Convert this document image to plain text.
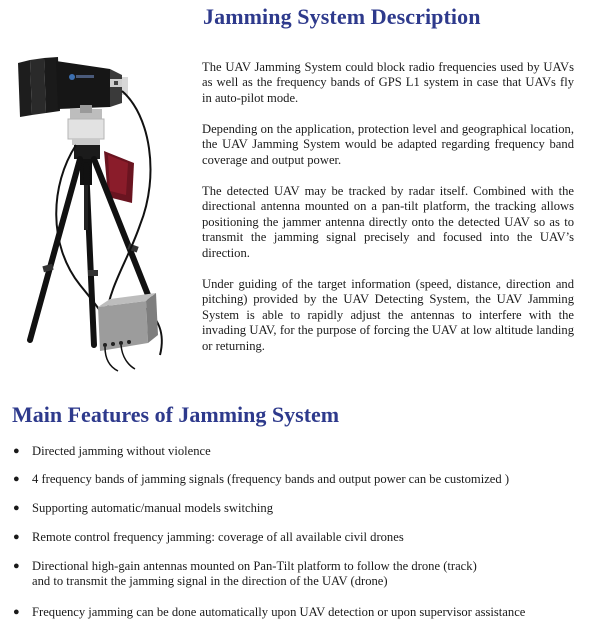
Jamming System Description

The UAV Jamming System could block radio frequencies used by UAVs as well as the frequency bands of GPS L1 system in case that UAVs fly in auto-pilot mode.

Depending on the application, protection level and geographical location, the UAV Jamming System would be adapted regarding frequency band coverage and output power.

The detected UAV may be tracked by radar itself. Combined with the directional antenna mounted on a pan-tilt platform, the tracking allows positioning the jammer antenna directly onto the detected UAV so as to transmit the jamming signal precisely and focused into the UAV’s direction.

Under guiding of the target information (speed, distance, direction and pitching) provided by the UAV Detecting System, the UAV Jamming System is able to rapidly adjust the antennas to interfere with the invading UAV, for the purpose of forcing the UAV at low altitude landing or returning.

Main Features of Jamming System
● Directed jamming without violence
● 4 frequency bands of jamming signals (frequency bands and output power can be customized )
● Supporting automatic/manual models switching
● Remote control frequency jamming: coverage of all available civil drones
● Directional high-gain antennas mounted on Pan-Tilt platform to follow the drone (track)
and to transmit the jamming signal in the direction of the UAV (drone)
● Frequency jamming can be done automatically upon UAV detection or upon supervisor assistance
